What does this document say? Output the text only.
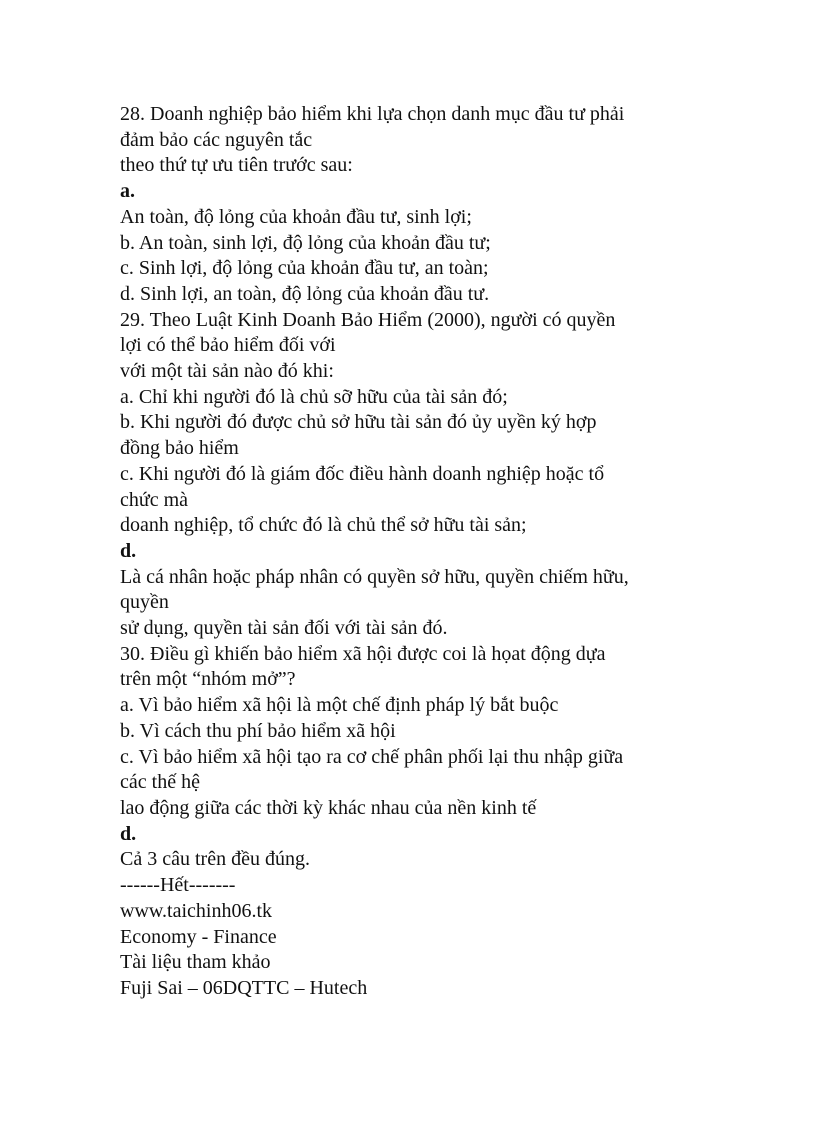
28. Doanh nghiệp bảo hiểm khi lựa chọn danh mục đầu tư phải
đảm bảo các nguyên tắc
theo thứ tự ưu tiên trước sau:
a.
An toàn, độ lỏng của khoản đầu tư, sinh lợi;
b. An toàn, sinh lợi, độ lỏng của khoản đầu tư;
c. Sinh lợi, độ lỏng của khoản đầu tư, an toàn;
d. Sinh lợi, an toàn, độ lỏng của khoản đầu tư.
29. Theo Luật Kinh Doanh Bảo Hiểm (2000), người có quyền
lợi có thể bảo hiểm đối với
với một tài sản nào đó khi:
a. Chỉ khi người đó là chủ sỡ hữu của tài sản đó;
b. Khi người đó được chủ sở hữu tài sản đó ủy uyền ký hợp
đồng bảo hiểm
c. Khi người đó là giám đốc điều hành doanh nghiệp hoặc tổ
chức mà
doanh nghiệp, tổ chức đó là chủ thể sở hữu tài sản;
d.
Là cá nhân hoặc pháp nhân có quyền sở hữu, quyền chiếm hữu,
quyền
sử dụng, quyền tài sản đối với tài sản đó.
30. Điều gì khiến bảo hiểm xã hội được coi là họat động dựa
trên một “nhóm mở”?
a. Vì bảo hiểm xã hội là một chế định pháp lý bắt buộc
b. Vì cách thu phí bảo hiểm xã hội
c. Vì bảo hiểm xã hội tạo ra cơ chế phân phối lại thu nhập giữa
các thế hệ
lao động giữa các thời kỳ khác nhau của nền kinh tế
d.
Cả 3 câu trên đều đúng.
------Hết-------
www.taichinh06.tk
Economy - Finance
Tài liệu tham khảo
Fuji Sai – 06DQTTC – Hutech
